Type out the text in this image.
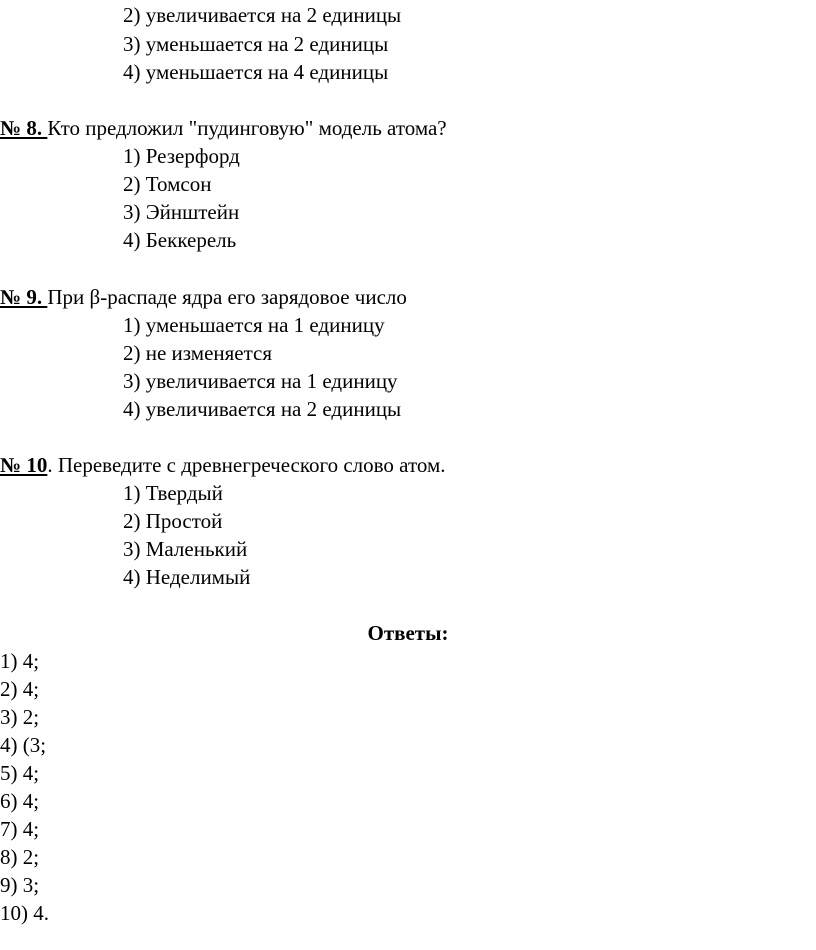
2) увеличивается на 2 единицы
3) уменьшается на 2 единицы
4) уменьшается на 4 единицы
№ 8. Кто предложил "пудинговую" модель атома?
1) Резерфорд
2) Томсон
3) Эйнштейн
4) Беккерель
№ 9. При β-распаде ядра его зарядовое число
1) уменьшается на 1 единицу
2) не изменяется
3) увеличивается на 1 единицу
4) увеличивается на 2 единицы
№ 10. Переведите с древнегреческого слово атом.
1) Твердый
2) Простой
3) Маленький
4) Неделимый
Ответы:
1) 4;
2) 4;
3) 2;
4) (3;
5) 4;
6) 4;
7) 4;
8) 2;
9) 3;
10) 4.
